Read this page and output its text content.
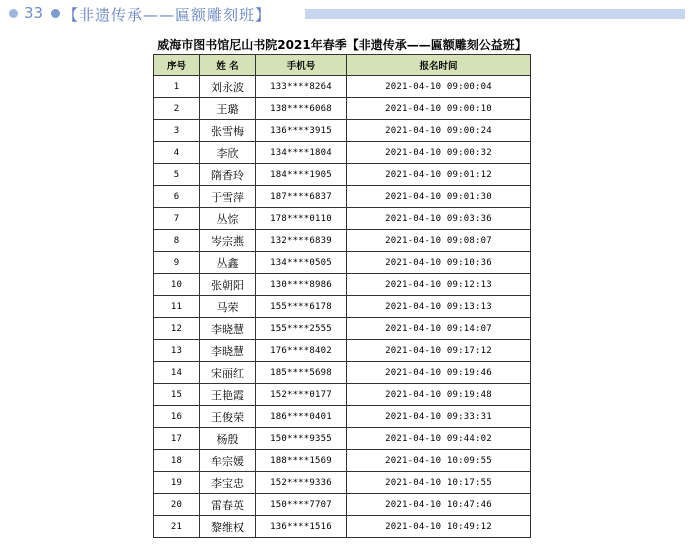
33 【非遗传承——匾额雕刻班】
威海市图书馆尼山书院2021年春季【非遗传承——匾额雕刻公益班】
序号	姓 名	手机号	报名时间
1	刘永波	133****8264	2021-04-10 09:00:04
2	王璐	138****6068	2021-04-10 09:00:10
3	张雪梅	136****3915	2021-04-10 09:00:24
4	李欣	134****1804	2021-04-10 09:00:32
5	隋香玲	184****1905	2021-04-10 09:01:12
6	于雪萍	187****6837	2021-04-10 09:01:30
7	丛悰	178****0110	2021-04-10 09:03:36
8	岑宗燕	132****6839	2021-04-10 09:08:07
9	丛鑫	134****0505	2021-04-10 09:10:36
10	张朝阳	130****8986	2021-04-10 09:12:13
11	马荣	155****6178	2021-04-10 09:13:13
12	李晓慧	155****2555	2021-04-10 09:14:07
13	李晓慧	176****8402	2021-04-10 09:17:12
14	宋丽红	185****5698	2021-04-10 09:19:46
15	王艳霞	152****0177	2021-04-10 09:19:48
16	王俊荣	186****0401	2021-04-10 09:33:31
17	杨殷	150****9355	2021-04-10 09:44:02
18	牟宗媛	188****1569	2021-04-10 10:09:55
19	李宝忠	152****9336	2021-04-10 10:17:55
20	雷春英	150****7707	2021-04-10 10:47:46
21	黎维权	136****1516	2021-04-10 10:49:12
